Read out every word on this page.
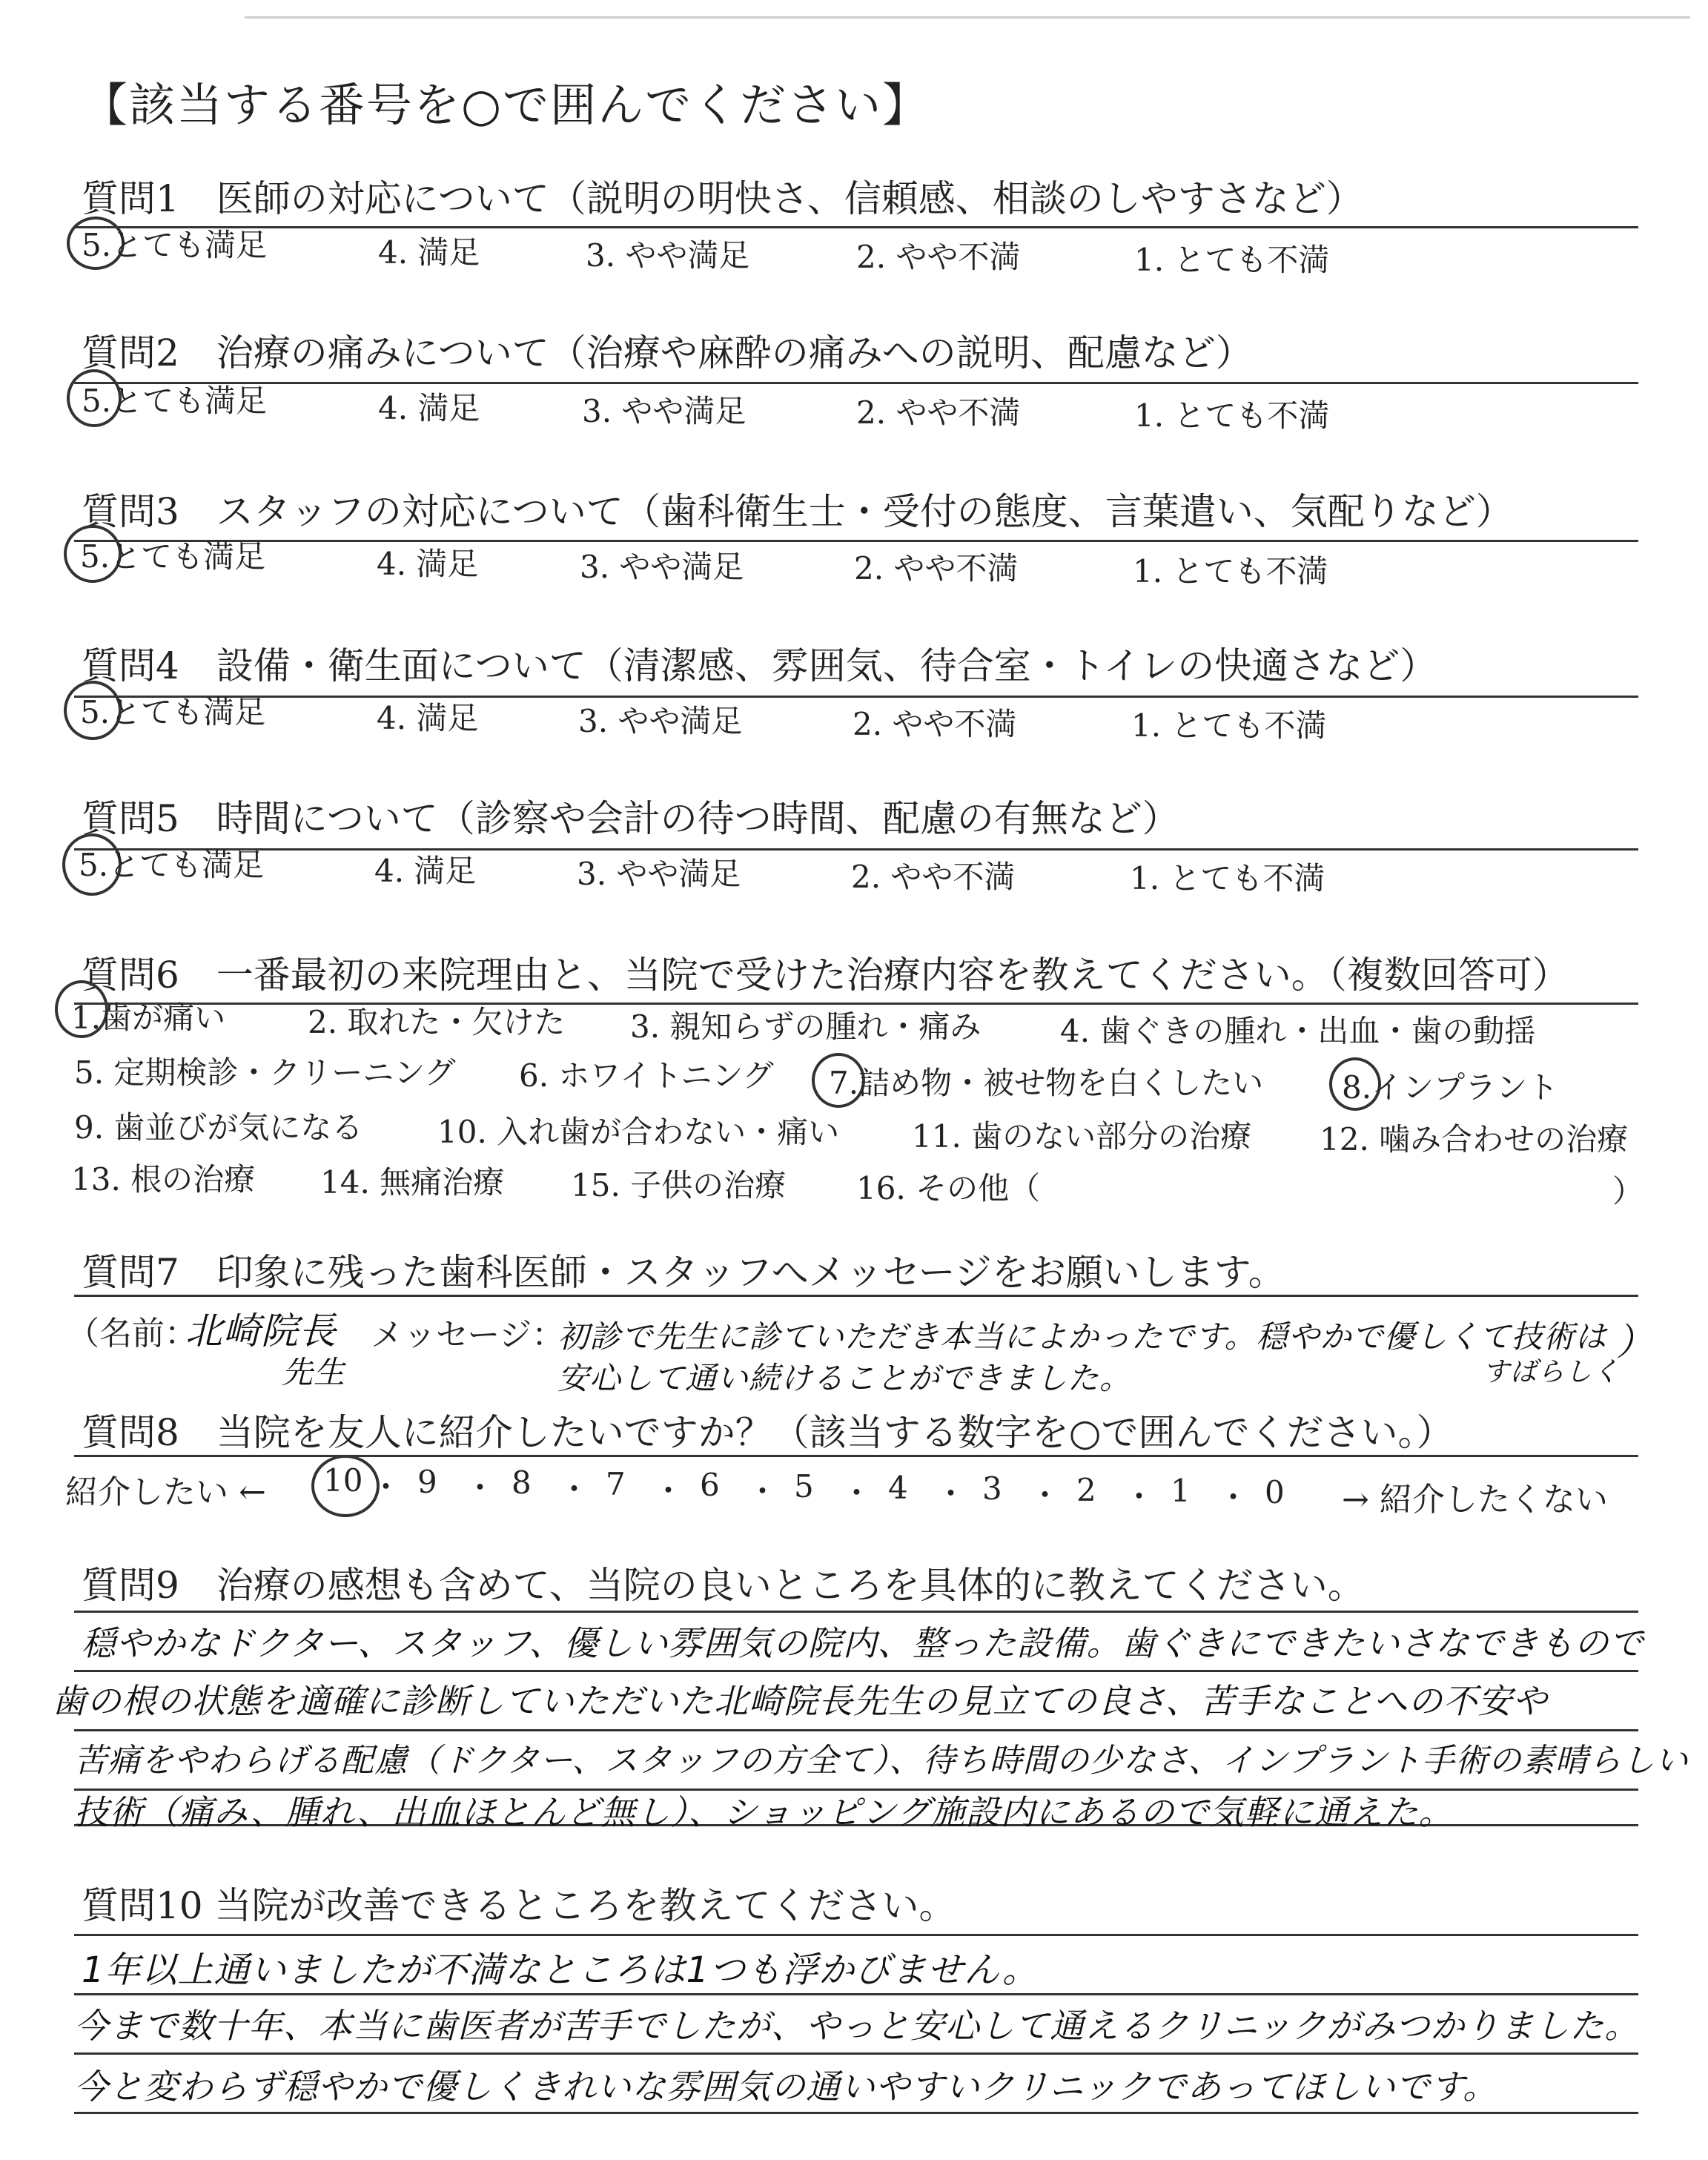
【該当する番号を○で囲んでください】
質問1　医師の対応について（説明の明快さ、信頼感、相談のしやすさなど）
5.とても満足	4. 満足	3. やや満足	2. やや不満	1. とても不満
質問2　治療の痛みについて（治療や麻酔の痛みへの説明、配慮など）
5.とても満足	4. 満足	3. やや満足	2. やや不満	1. とても不満
質問3　スタッフの対応について（歯科衛生士・受付の態度、言葉遣い、気配りなど）
5.とても満足	4. 満足	3. やや満足	2. やや不満	1. とても不満
質問4　設備・衛生面について（清潔感、雰囲気、待合室・トイレの快適さなど）
5.とても満足	4. 満足	3. やや満足	2. やや不満	1. とても不満
質問5　時間について（診察や会計の待つ時間、配慮の有無など）
5.とても満足	4. 満足	3. やや満足	2. やや不満	1. とても不満
質問6　一番最初の来院理由と、当院で受けた治療内容を教えてください。（複数回答可）
1.歯が痛い	2. 取れた・欠けた 3. 親知らずの腫れ・痛み	4. 歯ぐきの腫れ・出血・歯の動揺
5. 定期検診・クリーニング 6. ホワイトニング 7.詰め物・被せ物を白くしたい	8.インプラント
9. 歯並びが気になる 10. 入れ歯が合わない・痛い 11. 歯のない部分の治療 12. 噛み合わせの治療
13. 根の治療 14. 無痛治療 15. 子供の治療 16. その他（	）
質問7　印象に残った歯科医師・スタッフへメッセージをお願いします。
（名前：
北崎院長
先生
メッセージ：
初診で先生に診ていただき本当によかったです。穏やかで優しくて技術は
すばらしく
）
安心して通い続けることができました。
質問8　当院を友人に紹介したいですか？（該当する数字を○で囲んでください。）
紹介したい ← 10 ・ 9 ・ 8 ・ 7 ・ 6 ・ 5 ・ 4 ・ 3 ・ 2 ・ 1 ・ 0 → 紹介したくない
質問9　治療の感想も含めて、当院の良いところを具体的に教えてください。
穏やかなドクター、スタッフ、優しい雰囲気の院内、整った設備。歯ぐきにできたいさなできもので
歯の根の状態を適確に診断していただいた北崎院長先生の見立ての良さ、苦手なことへの不安や
苦痛をやわらげる配慮（ドクター、スタッフの方全て）、待ち時間の少なさ、インプラント手術の素晴らしい
技術（痛み、腫れ、出血ほとんど無し）、ショッピング施設内にあるので気軽に通えた。
質問10 当院が改善できるところを教えてください。
1年以上通いましたが不満なところは1つも浮かびません。
今まで数十年、本当に歯医者が苦手でしたが、やっと安心して通えるクリニックがみつかりました。
今と変わらず穏やかで優しくきれいな雰囲気の通いやすいクリニックであってほしいです。
